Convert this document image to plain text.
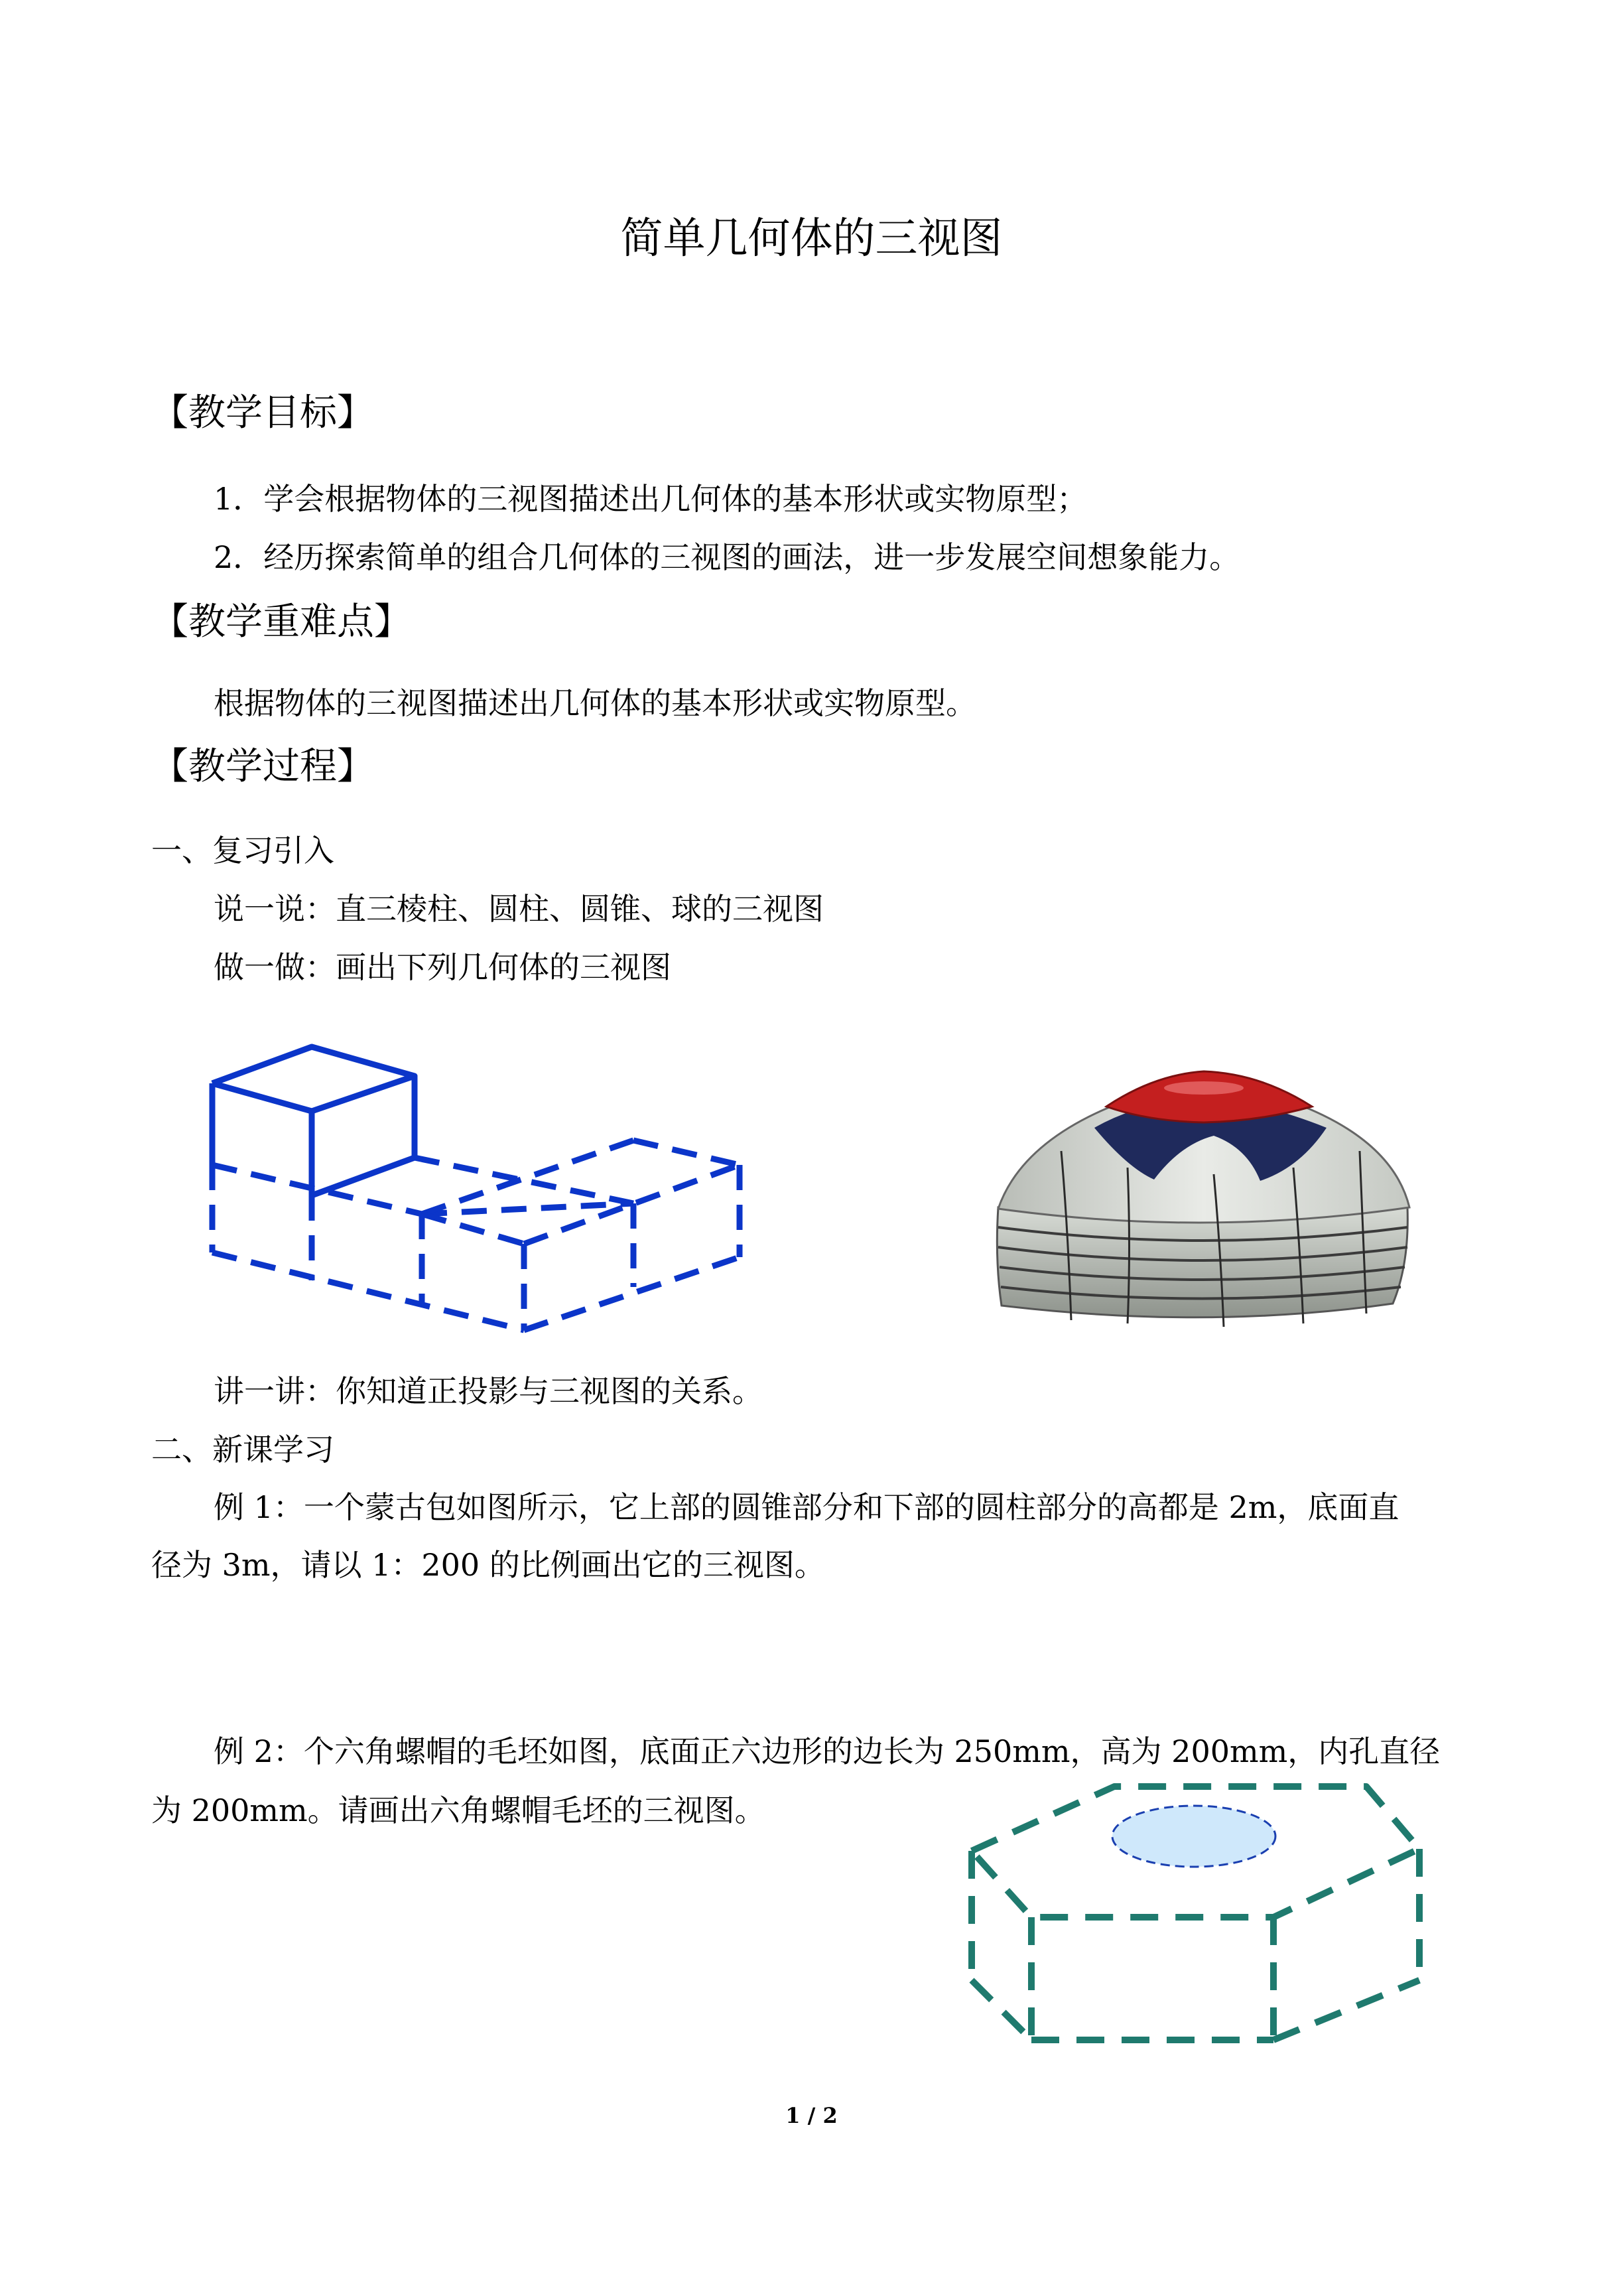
简单几何体的三视图
【教学目标】
1．学会根据物体的三视图描述出几何体的基本形状或实物原型；
2．经历探索简单的组合几何体的三视图的画法，进一步发展空间想象能力。
【教学重难点】
根据物体的三视图描述出几何体的基本形状或实物原型。
【教学过程】
一、复习引入
说一说：直三棱柱、圆柱、圆锥、球的三视图
做一做：画出下列几何体的三视图
讲一讲：你知道正投影与三视图的关系。
二、新课学习
例 1：一个蒙古包如图所示，它上部的圆锥部分和下部的圆柱部分的高都是 2m，底面直
径为 3m，请以 1：200 的比例画出它的三视图。
例 2：个六角螺帽的毛坯如图，底面正六边形的边长为 250mm，高为 200mm，内孔直径
为 200mm。请画出六角螺帽毛坯的三视图。
1 / 2
